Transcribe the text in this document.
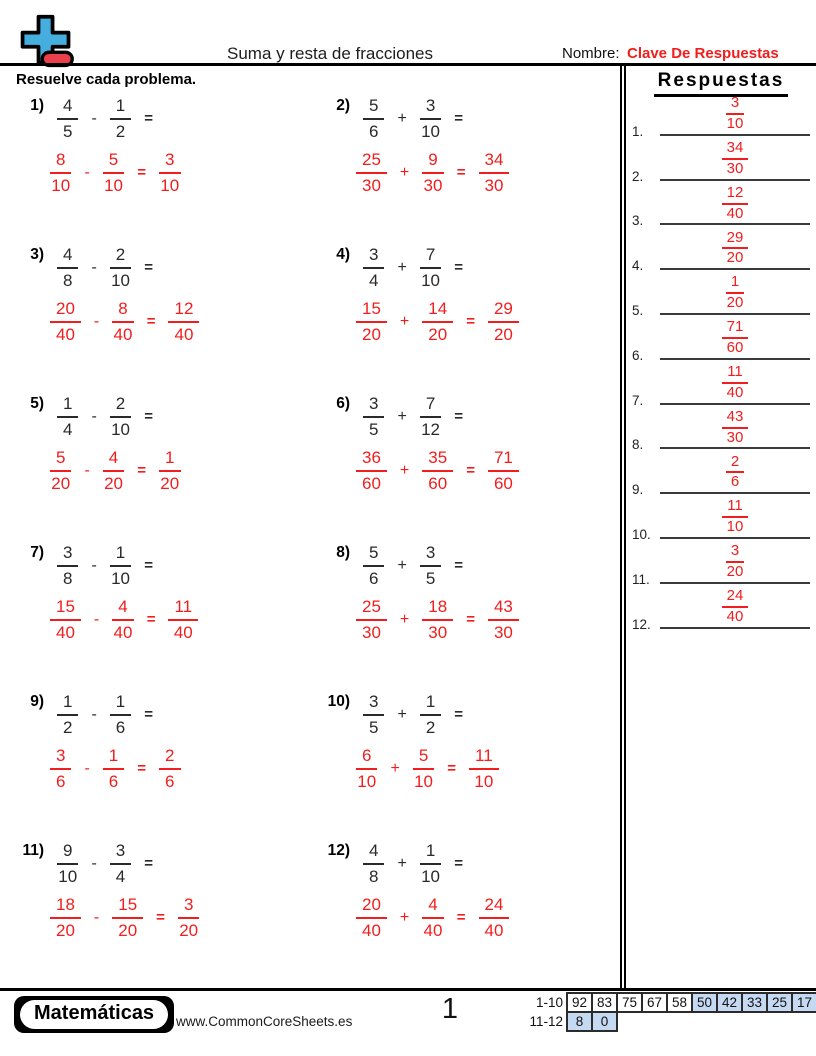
Suma y resta de fracciones	Nombre: Clave De Respuestas
Resuelve cada problema.
$1) \frac{4}{5} - \frac{1}{2}$ =
$\frac{8}{10} - \frac{5}{10} = \frac{3}{10}$
$2) \frac{5}{6} + \frac{3}{10}$ =
$\frac{25}{30} + \frac{9}{30} = \frac{34}{30}$
$3) \frac{4}{8} - \frac{2}{10}$ =
$\frac{20}{40} - \frac{8}{40} = \frac{12}{40}$
$4) \frac{3}{4} + \frac{7}{10}$ =
$\frac{15}{20} + \frac{14}{20} = \frac{29}{20}$
$5) \frac{1}{4} - \frac{2}{10}$ =
$\frac{5}{20} - \frac{4}{20} = \frac{1}{20}$
$6) \frac{3}{5} + \frac{7}{12}$ =
$\frac{36}{60} + \frac{35}{60} = \frac{71}{60}$
$7) \frac{3}{8} - \frac{1}{10}$ =
$\frac{15}{40} - \frac{4}{40} = \frac{11}{40}$
$8) \frac{5}{6} + \frac{3}{5}$ =
$\frac{25}{30} + \frac{18}{30} = \frac{43}{30}$
$9) \frac{1}{2} - \frac{1}{6}$ =
$\frac{3}{6} - \frac{1}{6} = \frac{2}{6}$
$10) \frac{3}{5} + \frac{1}{2}$ =
$\frac{6}{10} + \frac{5}{10} = \frac{11}{10}$
$11) \frac{9}{10} - \frac{3}{4}$ =
$\frac{18}{20} - \frac{15}{20} = \frac{3}{20}$
$12) \frac{4}{8} + \frac{1}{10}$ =
$\frac{20}{40} + \frac{4}{40} = \frac{24}{40}$
Respuestas
1.	$\frac{3}{10}$
2.	$\frac{34}{30}$
3.	$\frac{12}{40}$
4.	$\frac{29}{20}$
5.	$\frac{1}{20}$
6.	$\frac{71}{60}$
7.	$\frac{11}{40}$
8.	$\frac{43}{30}$
9.	$\frac{2}{6}$
10.	$\frac{11}{10}$
11.	$\frac{3}{20}$
12.	$\frac{24}{40}$
Matemáticas	www.CommonCoreSheets.es	1	1-10 92 83 75 67 58 50 42 33 25 17
11-12 8	0
